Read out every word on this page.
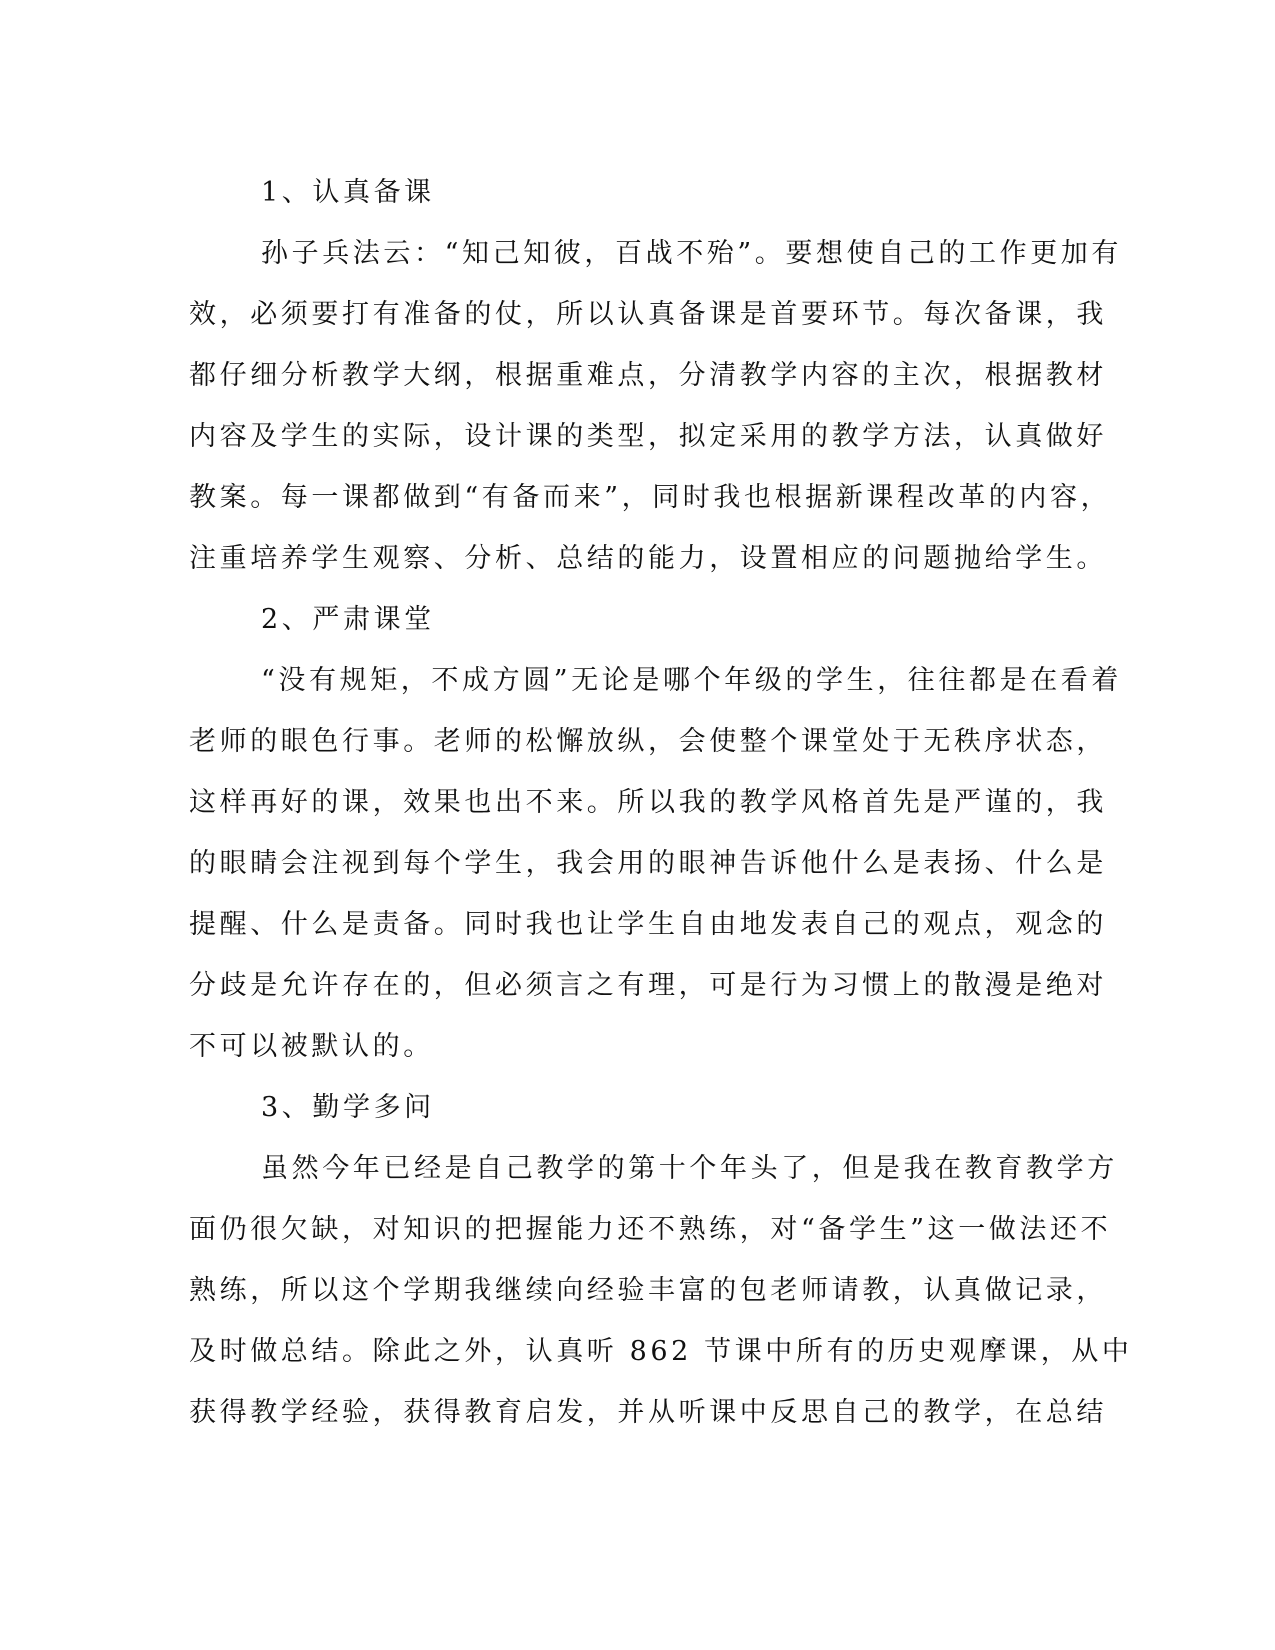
1、认真备课
孙子兵法云：“知己知彼，百战不殆”。要想使自己的工作更加有
效，必须要打有准备的仗，所以认真备课是首要环节。每次备课，我
都仔细分析教学大纲，根据重难点，分清教学内容的主次，根据教材
内容及学生的实际，设计课的类型，拟定采用的教学方法，认真做好
教案。每一课都做到“有备而来”，同时我也根据新课程改革的内容，
注重培养学生观察、分析、总结的能力，设置相应的问题抛给学生。
2、严肃课堂
“没有规矩，不成方圆”无论是哪个年级的学生，往往都是在看着
老师的眼色行事。老师的松懈放纵，会使整个课堂处于无秩序状态，
这样再好的课，效果也出不来。所以我的教学风格首先是严谨的，我
的眼睛会注视到每个学生，我会用的眼神告诉他什么是表扬、什么是
提醒、什么是责备。同时我也让学生自由地发表自己的观点，观念的
分歧是允许存在的，但必须言之有理，可是行为习惯上的散漫是绝对
不可以被默认的。
3、勤学多问
虽然今年已经是自己教学的第十个年头了，但是我在教育教学方
面仍很欠缺，对知识的把握能力还不熟练，对“备学生”这一做法还不
熟练，所以这个学期我继续向经验丰富的包老师请教，认真做记录，
及时做总结。除此之外，认真听 862 节课中所有的历史观摩课，从中
获得教学经验，获得教育启发，并从听课中反思自己的教学，在总结
